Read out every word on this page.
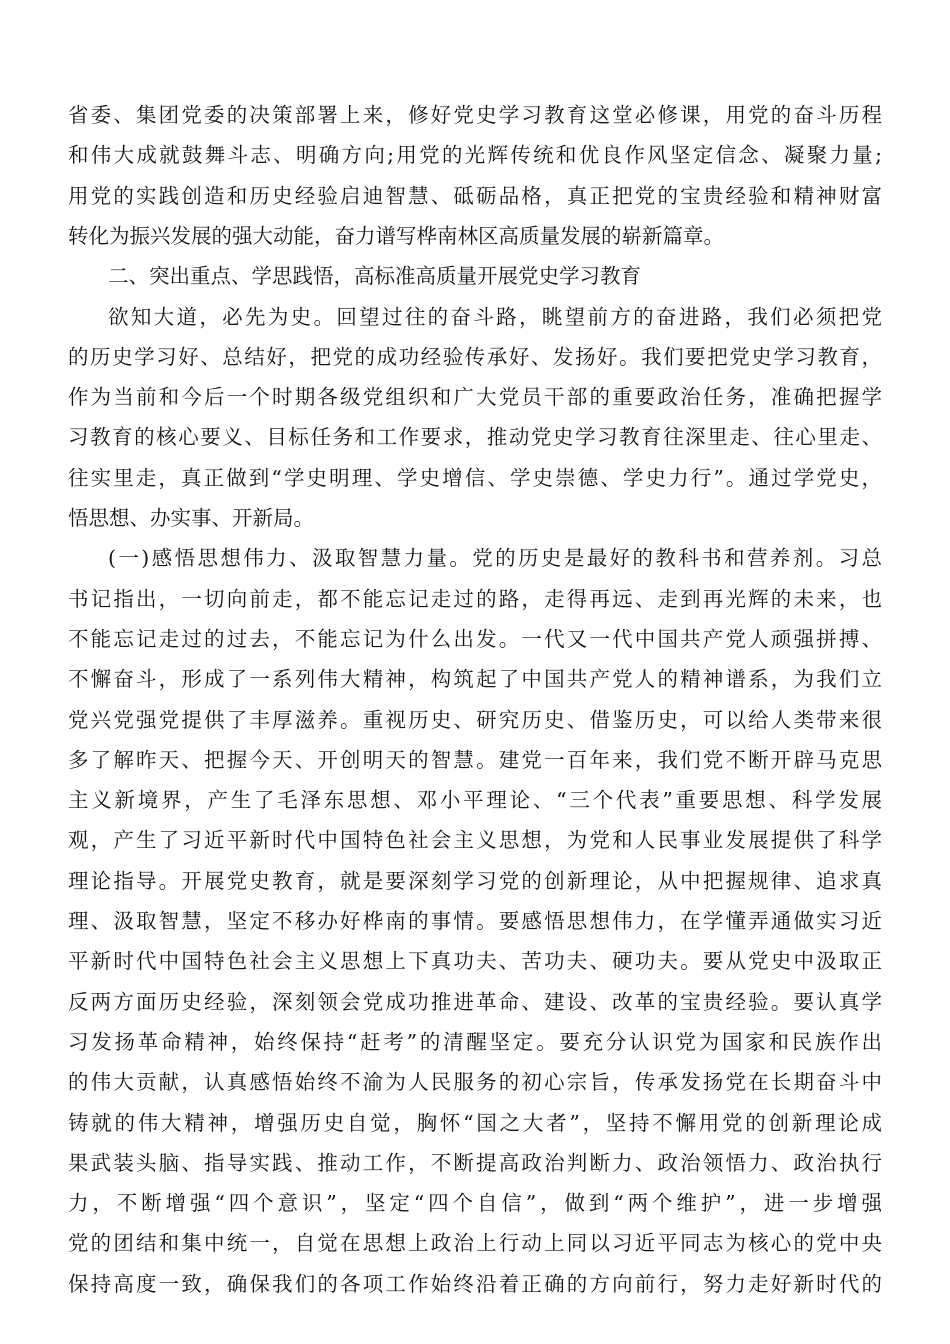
省委、集团党委的决策部署上来，修好党史学习教育这堂必修课，用党的奋斗历程
和伟大成就鼓舞斗志、明确方向;用党的光辉传统和优良作风坚定信念、凝聚力量;
用党的实践创造和历史经验启迪智慧、砥砺品格，真正把党的宝贵经验和精神财富
转化为振兴发展的强大动能，奋力谱写桦南林区高质量发展的崭新篇章。
二、突出重点、学思践悟，高标准高质量开展党史学习教育
欲知大道，必先为史。回望过往的奋斗路，眺望前方的奋进路，我们必须把党
的历史学习好、总结好，把党的成功经验传承好、发扬好。我们要把党史学习教育，
作为当前和今后一个时期各级党组织和广大党员干部的重要政治任务，准确把握学
习教育的核心要义、目标任务和工作要求，推动党史学习教育往深里走、往心里走、
往实里走，真正做到“学史明理、学史增信、学史崇德、学史力行”。通过学党史，
悟思想、办实事、开新局。
(一)感悟思想伟力、汲取智慧力量。党的历史是最好的教科书和营养剂。习总
书记指出，一切向前走，都不能忘记走过的路，走得再远、走到再光辉的未来，也
不能忘记走过的过去，不能忘记为什么出发。一代又一代中国共产党人顽强拼搏、
不懈奋斗，形成了一系列伟大精神，构筑起了中国共产党人的精神谱系，为我们立
党兴党强党提供了丰厚滋养。重视历史、研究历史、借鉴历史，可以给人类带来很
多了解昨天、把握今天、开创明天的智慧。建党一百年来，我们党不断开辟马克思
主义新境界，产生了毛泽东思想、邓小平理论、“三个代表”重要思想、科学发展
观，产生了习近平新时代中国特色社会主义思想，为党和人民事业发展提供了科学
理论指导。开展党史教育，就是要深刻学习党的创新理论，从中把握规律、追求真
理、汲取智慧，坚定不移办好桦南的事情。要感悟思想伟力，在学懂弄通做实习近
平新时代中国特色社会主义思想上下真功夫、苦功夫、硬功夫。要从党史中汲取正
反两方面历史经验，深刻领会党成功推进革命、建设、改革的宝贵经验。要认真学
习发扬革命精神，始终保持“赶考”的清醒坚定。要充分认识党为国家和民族作出
的伟大贡献，认真感悟始终不渝为人民服务的初心宗旨，传承发扬党在长期奋斗中
铸就的伟大精神，增强历史自觉，胸怀“国之大者”，坚持不懈用党的创新理论成
果武装头脑、指导实践、推动工作，不断提高政治判断力、政治领悟力、政治执行
力，不断增强“四个意识”，坚定“四个自信”，做到“两个维护”，进一步增强
党的团结和集中统一，自觉在思想上政治上行动上同以习近平同志为核心的党中央
保持高度一致，确保我们的各项工作始终沿着正确的方向前行，努力走好新时代的
